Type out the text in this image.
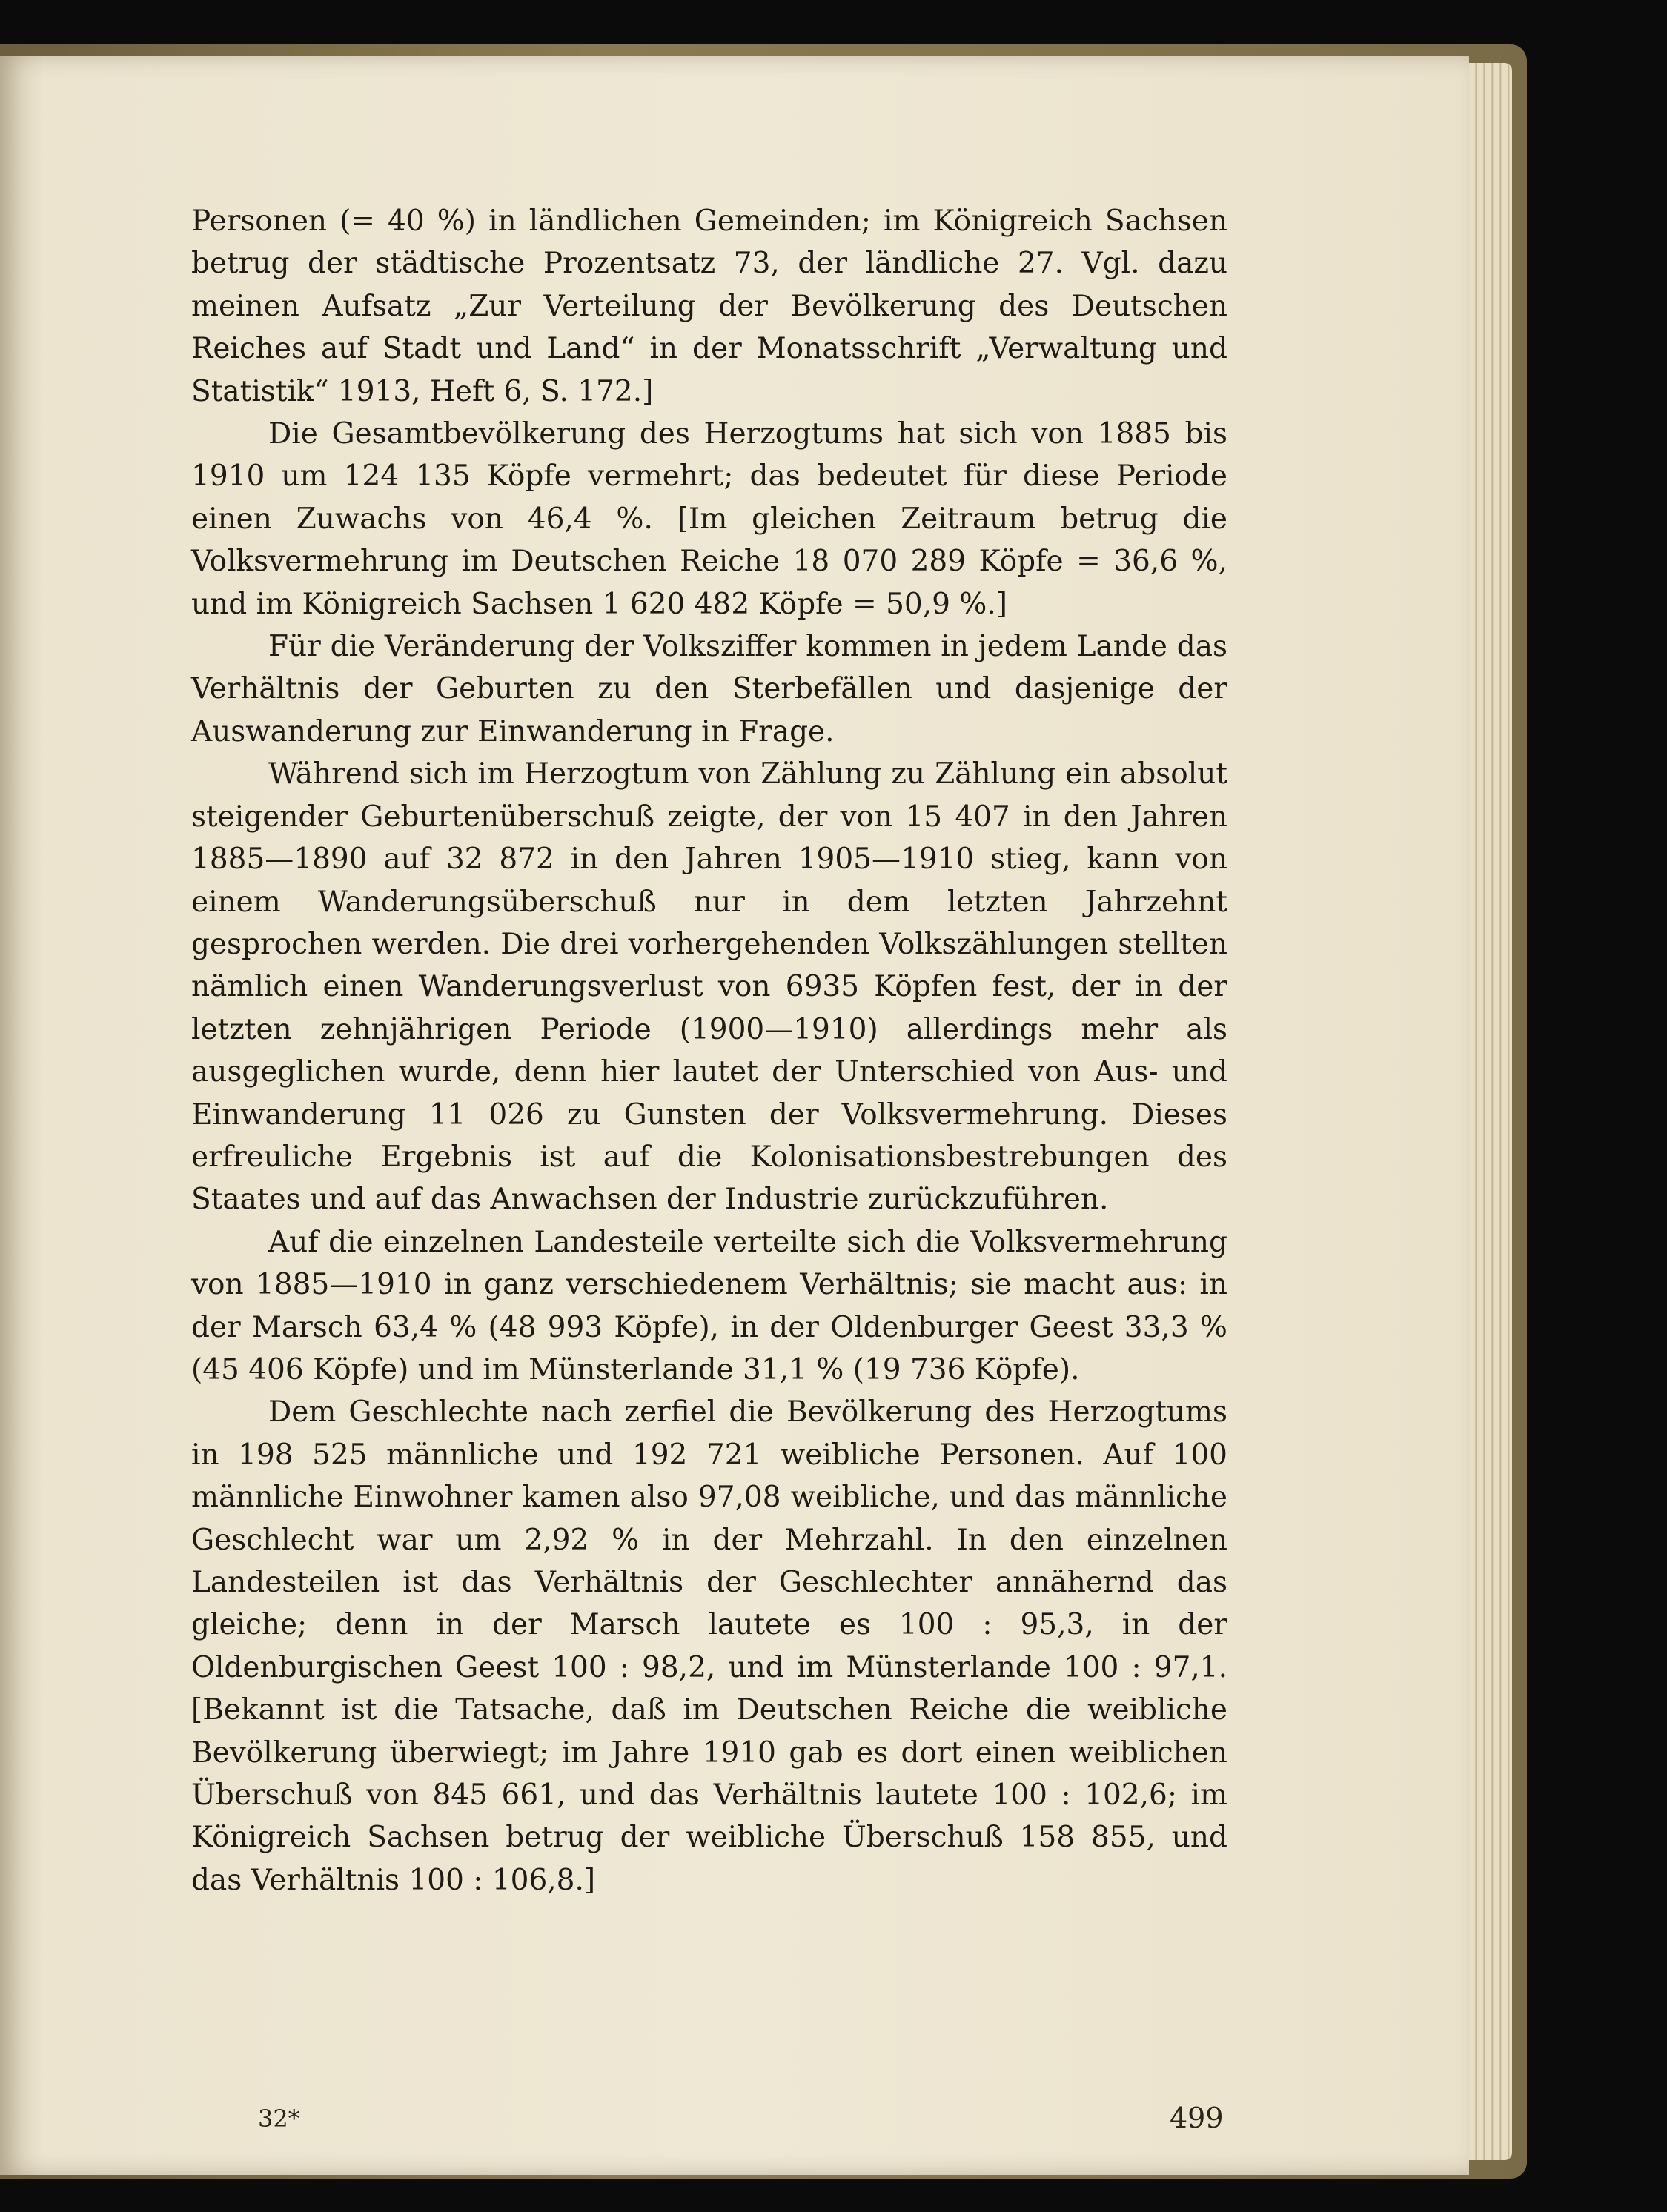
Personen (= 40 %) in ländlichen Gemeinden; im Königreich Sachsen betrug der städtische Prozentsatz 73, der ländliche 27. Vgl. dazu meinen Aufsatz „Zur Verteilung der Bevölkerung des Deutschen Reiches auf Stadt und Land“ in der Monatsschrift „Verwaltung und Statistik“ 1913, Heft 6, S. 172.]

Die Gesamtbevölkerung des Herzogtums hat sich von 1885 bis 1910 um 124 135 Köpfe vermehrt; das bedeutet für diese Periode einen Zuwachs von 46,4 %. [Im gleichen Zeitraum betrug die Volksvermehrung im Deutschen Reiche 18 070 289 Köpfe = 36,6 %, und im Königreich Sachsen 1 620 482 Köpfe = 50,9 %.]

Für die Veränderung der Volksziffer kommen in jedem Lande das Verhältnis der Geburten zu den Sterbefällen und dasjenige der Auswanderung zur Einwanderung in Frage.

Während sich im Herzogtum von Zählung zu Zählung ein absolut steigender Geburtenüberschuß zeigte, der von 15 407 in den Jahren 1885—1890 auf 32 872 in den Jahren 1905—1910 stieg, kann von einem Wanderungsüberschuß nur in dem letzten Jahrzehnt gesprochen werden. Die drei vorhergehenden Volkszählungen stellten nämlich einen Wanderungsverlust von 6935 Köpfen fest, der in der letzten zehnjährigen Periode (1900—1910) allerdings mehr als ausgeglichen wurde, denn hier lautet der Unterschied von Aus- und Einwanderung 11 026 zu Gunsten der Volksvermehrung. Dieses erfreuliche Ergebnis ist auf die Kolonisationsbestrebungen des Staates und auf das Anwachsen der Industrie zurückzuführen.

Auf die einzelnen Landesteile verteilte sich die Volksvermehrung von 1885—1910 in ganz verschiedenem Verhältnis; sie macht aus: in der Marsch 63,4 % (48 993 Köpfe), in der Oldenburger Geest 33,3 % (45 406 Köpfe) und im Münsterlande 31,1 % (19 736 Köpfe).

Dem Geschlechte nach zerfiel die Bevölkerung des Herzogtums in 198 525 männliche und 192 721 weibliche Personen. Auf 100 männliche Einwohner kamen also 97,08 weibliche, und das männliche Geschlecht war um 2,92 % in der Mehrzahl. In den einzelnen Landesteilen ist das Verhältnis der Geschlechter annähernd das gleiche; denn in der Marsch lautete es 100 : 95,3, in der Oldenburgischen Geest 100 : 98,2, und im Münsterlande 100 : 97,1. [Bekannt ist die Tatsache, daß im Deutschen Reiche die weibliche Bevölkerung überwiegt; im Jahre 1910 gab es dort einen weiblichen Überschuß von 845 661, und das Verhältnis lautete 100 : 102,6; im Königreich Sachsen betrug der weibliche Überschuß 158 855, und das Verhältnis 100 : 106,8.]

32*	499
